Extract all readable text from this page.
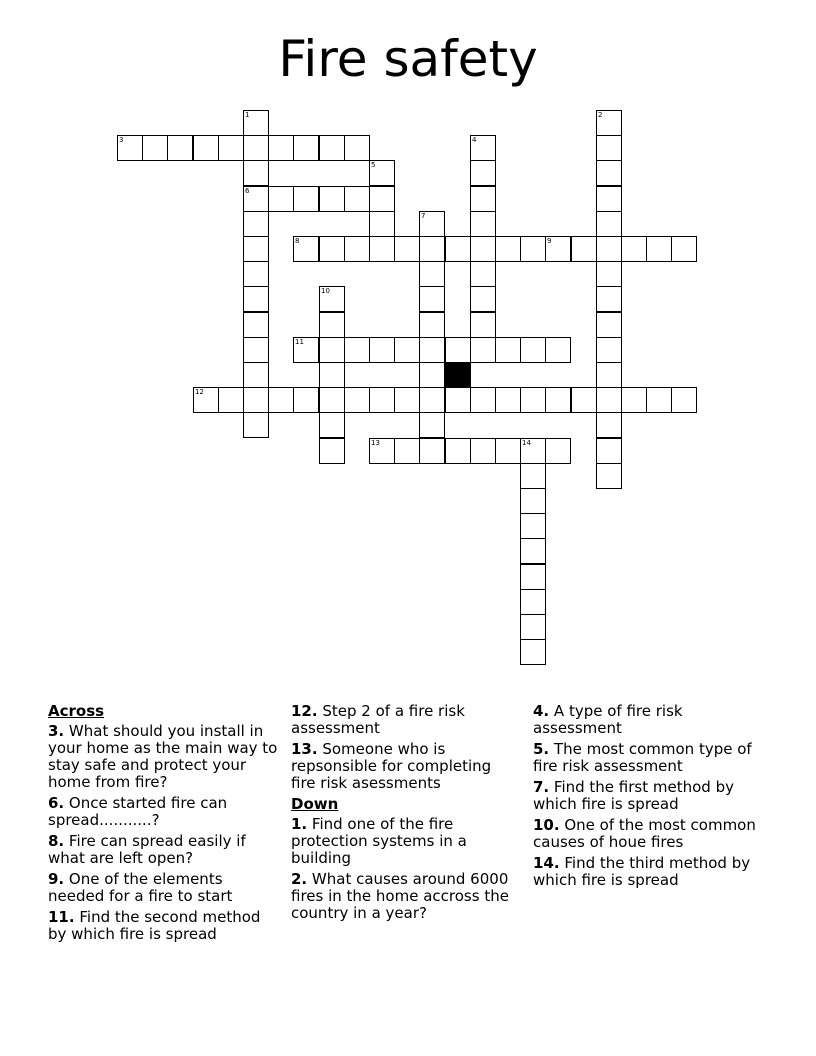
Fire safety
1
6
2
3	4
5
7
8	9
10
11
12
13	14
Across
3. What should you install in your home as the main way to stay safe and protect your home from fire?
6. Once started fire can spread...........?
8. Fire can spread easily if what are left open?
9. One of the elements needed for a fire to start
11. Find the second method by which fire is spread
12. Step 2 of a fire risk assessment
13. Someone who is repsonsible for completing fire risk asessments
Down
1. Find one of the fire protection systems in a building
2. What causes around 6000 fires in the home accross the country in a year?
4. A type of fire risk assessment
5. The most common type of fire risk assessment
7. Find the first method by which fire is spread
10. One of the most common causes of houe fires
14. Find the third method by which fire is spread
